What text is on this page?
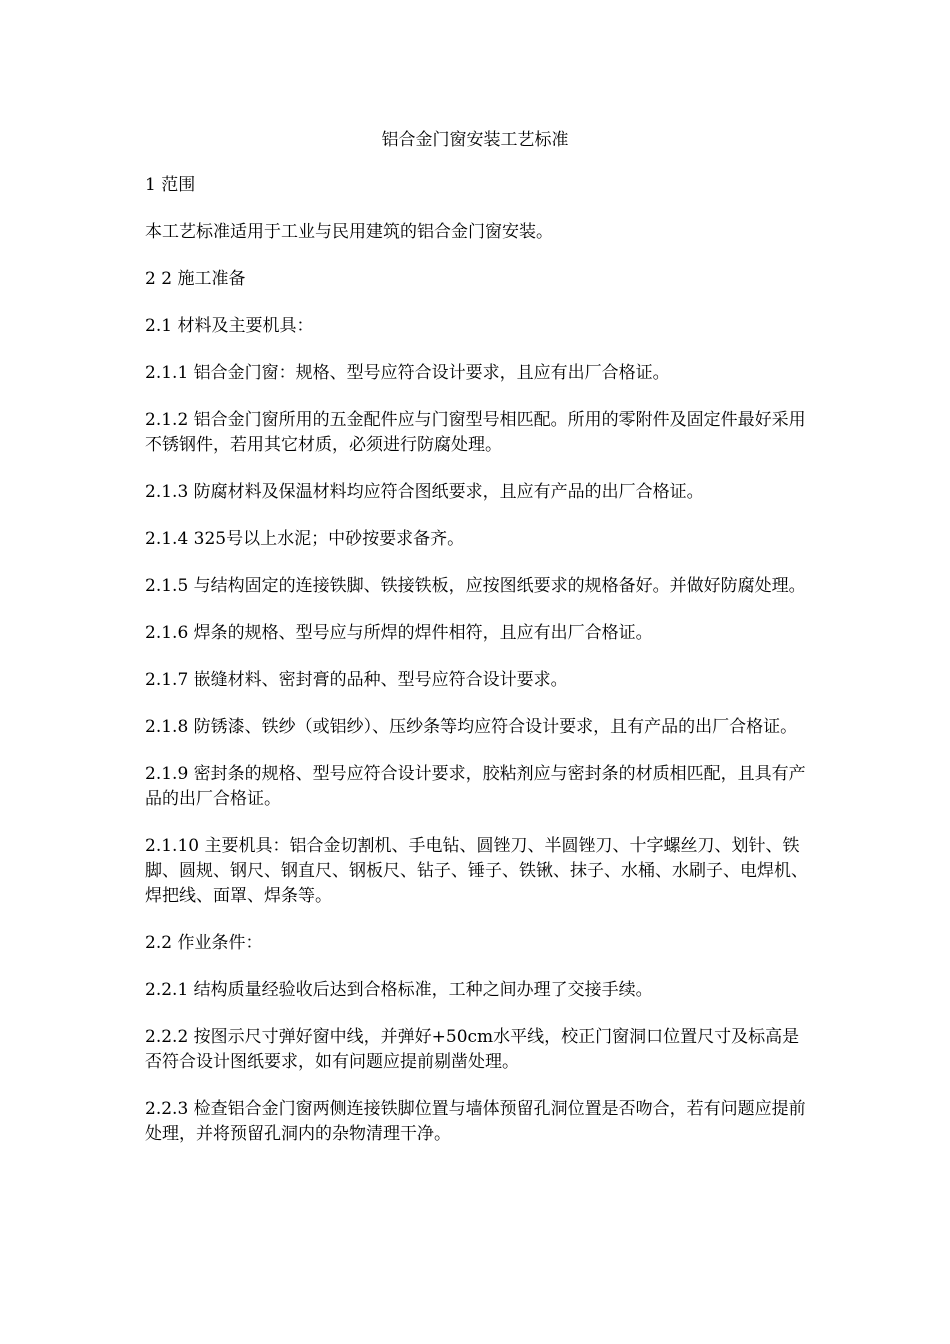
铝合金门窗安装工艺标准

1 范围

本工艺标准适用于工业与民用建筑的铝合金门窗安装。

2 2 施工准备

2.1 材料及主要机具：

2.1.1 铝合金门窗：规格、型号应符合设计要求，且应有出厂合格证。

2.1.2 铝合金门窗所用的五金配件应与门窗型号相匹配。所用的零附件及固定件最好采用不锈钢件，若用其它材质，必须进行防腐处理。

2.1.3 防腐材料及保温材料均应符合图纸要求，且应有产品的出厂合格证。

2.1.4 325号以上水泥；中砂按要求备齐。

2.1.5 与结构固定的连接铁脚、铁接铁板，应按图纸要求的规格备好。并做好防腐处理。

2.1.6 焊条的规格、型号应与所焊的焊件相符，且应有出厂合格证。

2.1.7 嵌缝材料、密封膏的品种、型号应符合设计要求。

2.1.8 防锈漆、铁纱（或铝纱）、压纱条等均应符合设计要求，且有产品的出厂合格证。

2.1.9 密封条的规格、型号应符合设计要求，胶粘剂应与密封条的材质相匹配，且具有产品的出厂合格证。

2.1.10 主要机具：铝合金切割机、手电钻、圆锉刀、半圆锉刀、十字螺丝刀、划针、铁脚、圆规、钢尺、钢直尺、钢板尺、钻子、锤子、铁锹、抹子、水桶、水刷子、电焊机、焊把线、面罩、焊条等。

2.2 作业条件：

2.2.1 结构质量经验收后达到合格标准，工种之间办理了交接手续。

2.2.2 按图示尺寸弹好窗中线，并弹好+50cm水平线，校正门窗洞口位置尺寸及标高是否符合设计图纸要求，如有问题应提前剔凿处理。

2.2.3 检查铝合金门窗两侧连接铁脚位置与墙体预留孔洞位置是否吻合，若有问题应提前处理，并将预留孔洞内的杂物清理干净。
